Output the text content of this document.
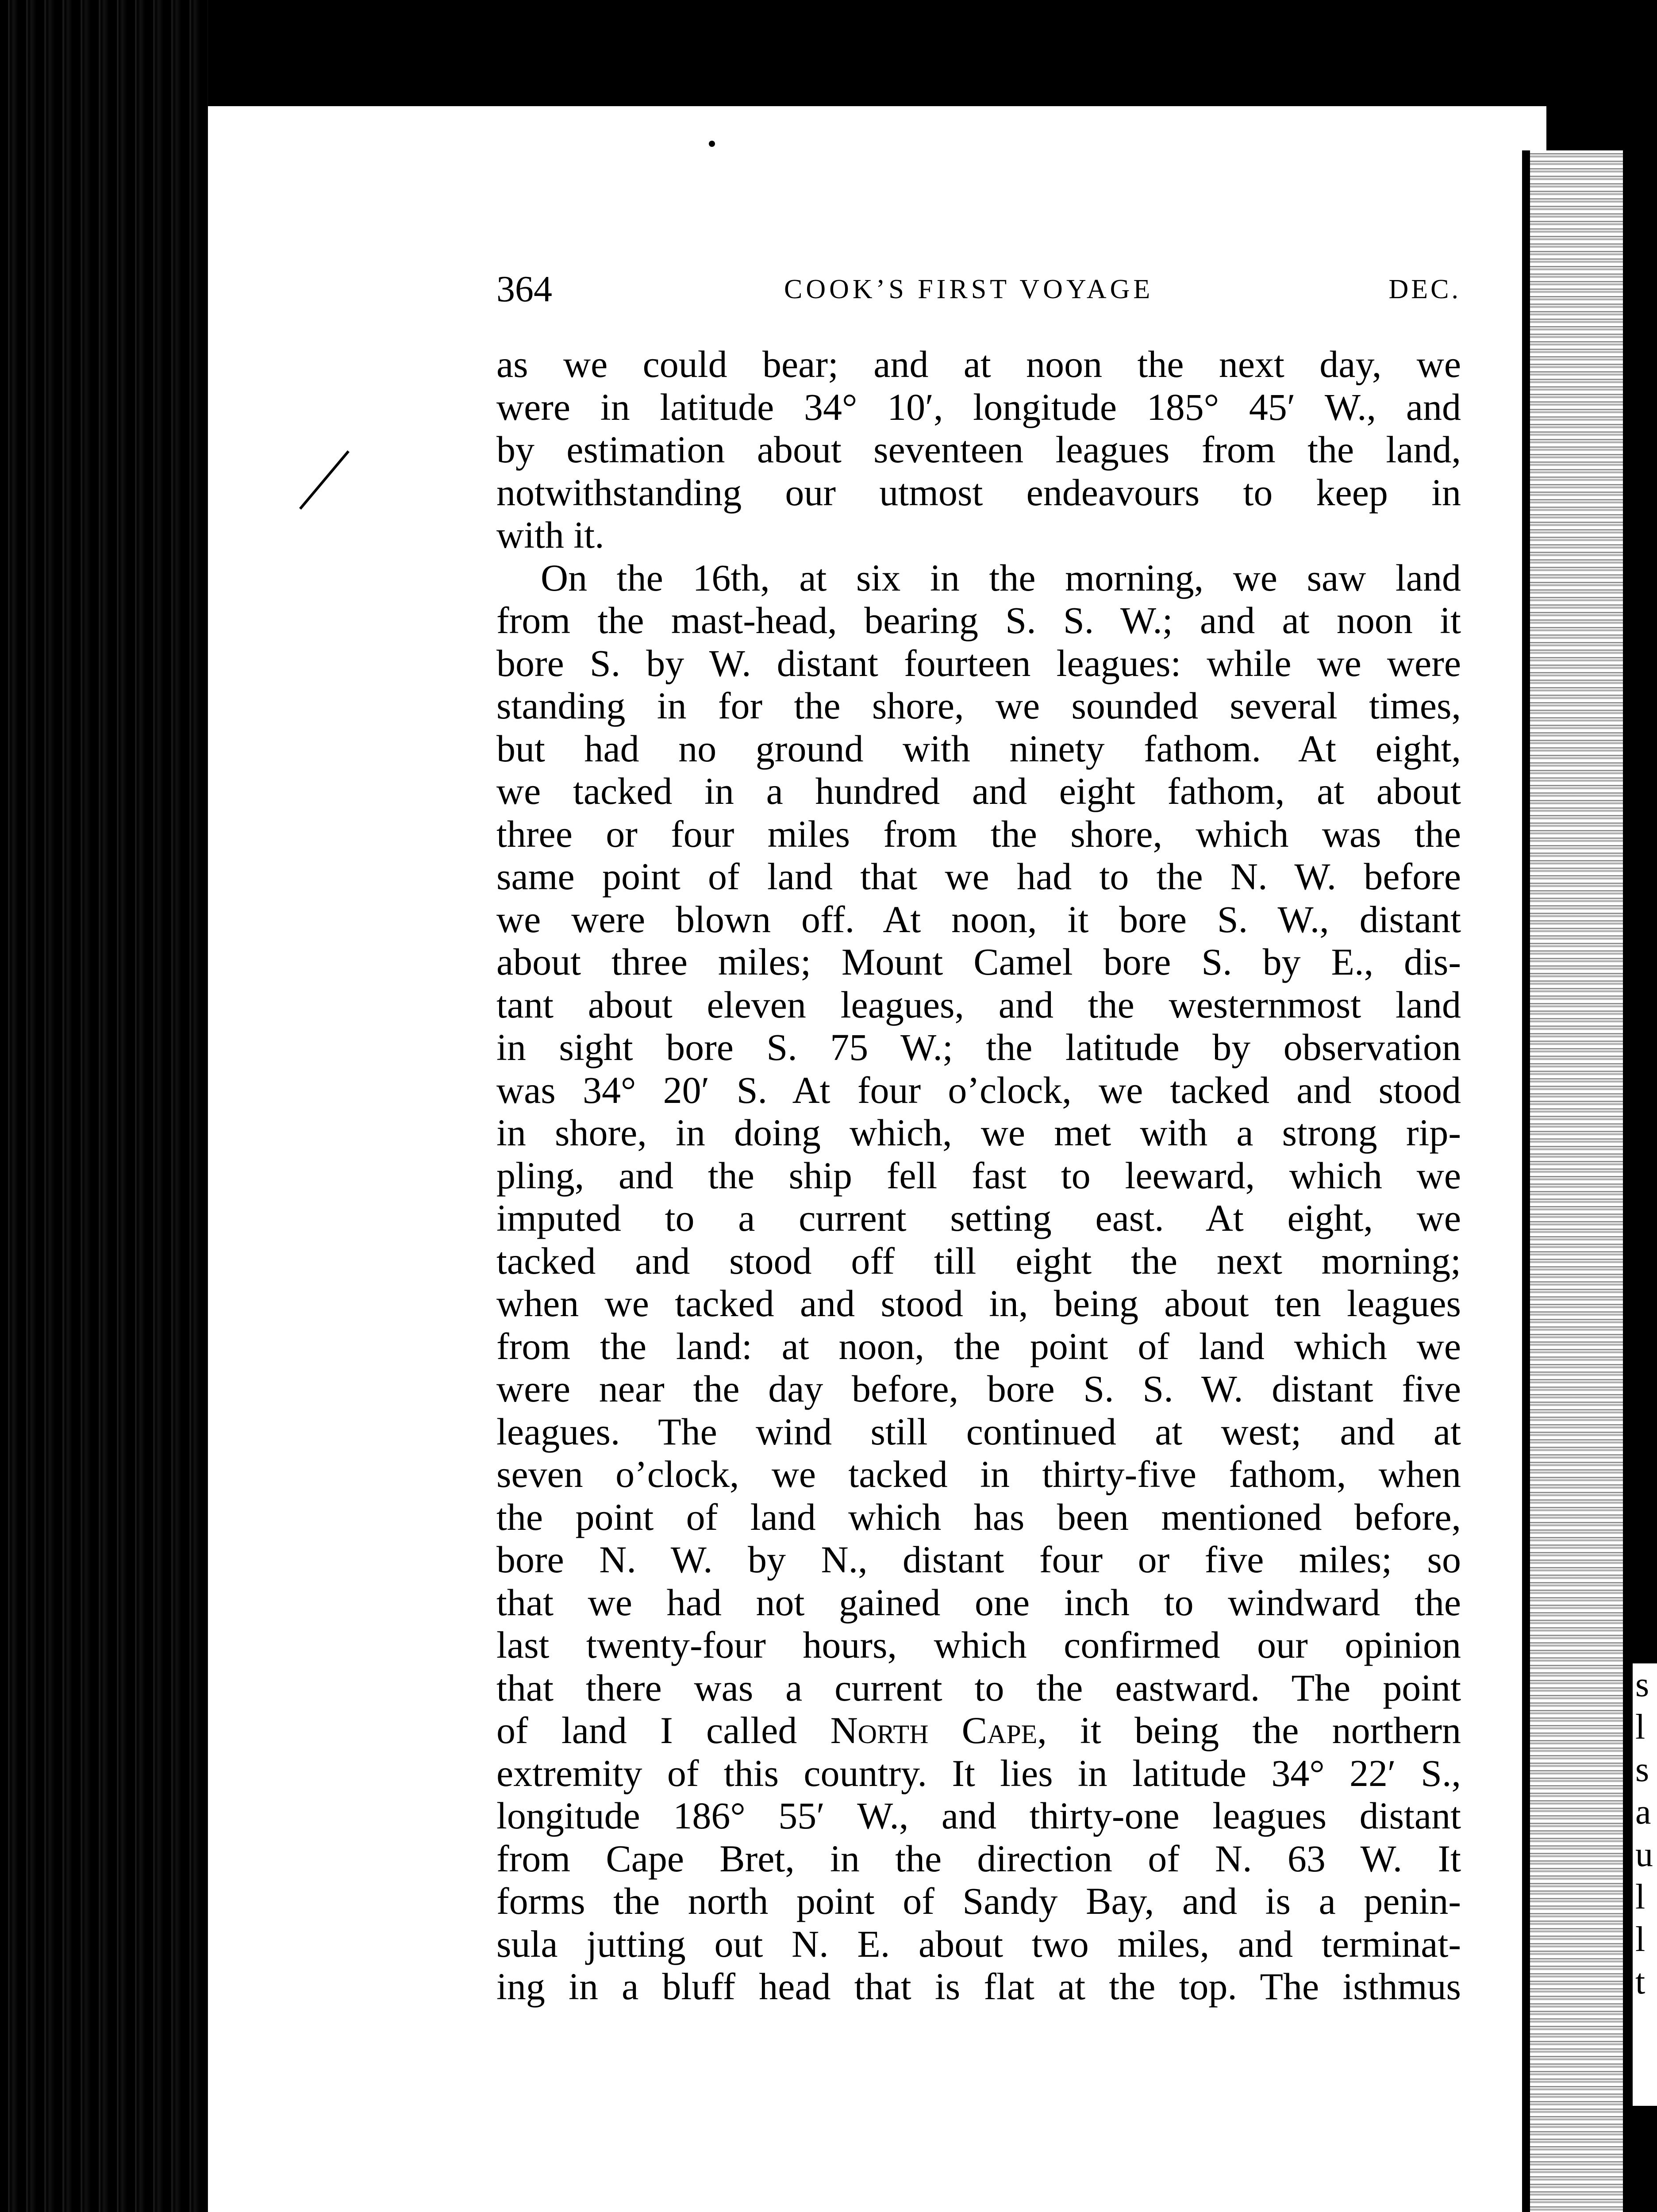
s
l
s
a
u
l
l
t
364	COOK’S FIRST VOYAGE	DEC.
as we could bear; and at noon the next day, we
were in latitude 34° 10′, longitude 185° 45′ W., and
by estimation about seventeen leagues from the land,
notwithstanding our utmost endeavours to keep in
with it.
On the 16th, at six in the morning, we saw land
from the mast-head, bearing S. S. W.; and at noon it
bore S. by W. distant fourteen leagues: while we were
standing in for the shore, we sounded several times,
but had no ground with ninety fathom. At eight,
we tacked in a hundred and eight fathom, at about
three or four miles from the shore, which was the
same point of land that we had to the N. W. before
we were blown off. At noon, it bore S. W., distant
about three miles; Mount Camel bore S. by E., dis-
tant about eleven leagues, and the westernmost land
in sight bore S. 75 W.; the latitude by observation
was 34° 20′ S. At four o’clock, we tacked and stood
in shore, in doing which, we met with a strong rip-
pling, and the ship fell fast to leeward, which we
imputed to a current setting east. At eight, we
tacked and stood off till eight the next morning;
when we tacked and stood in, being about ten leagues
from the land: at noon, the point of land which we
were near the day before, bore S. S. W. distant five
leagues. The wind still continued at west; and at
seven o’clock, we tacked in thirty-five fathom, when
the point of land which has been mentioned before,
bore N. W. by N., distant four or five miles; so
that we had not gained one inch to windward the
last twenty-four hours, which confirmed our opinion
that there was a current to the eastward. The point
of land I called North Cape, it being the northern
extremity of this country. It lies in latitude 34° 22′ S.,
longitude 186° 55′ W., and thirty-one leagues distant
from Cape Bret, in the direction of N. 63 W. It
forms the north point of Sandy Bay, and is a penin-
sula jutting out N. E. about two miles, and terminat-
ing in a bluff head that is flat at the top. The isthmus
